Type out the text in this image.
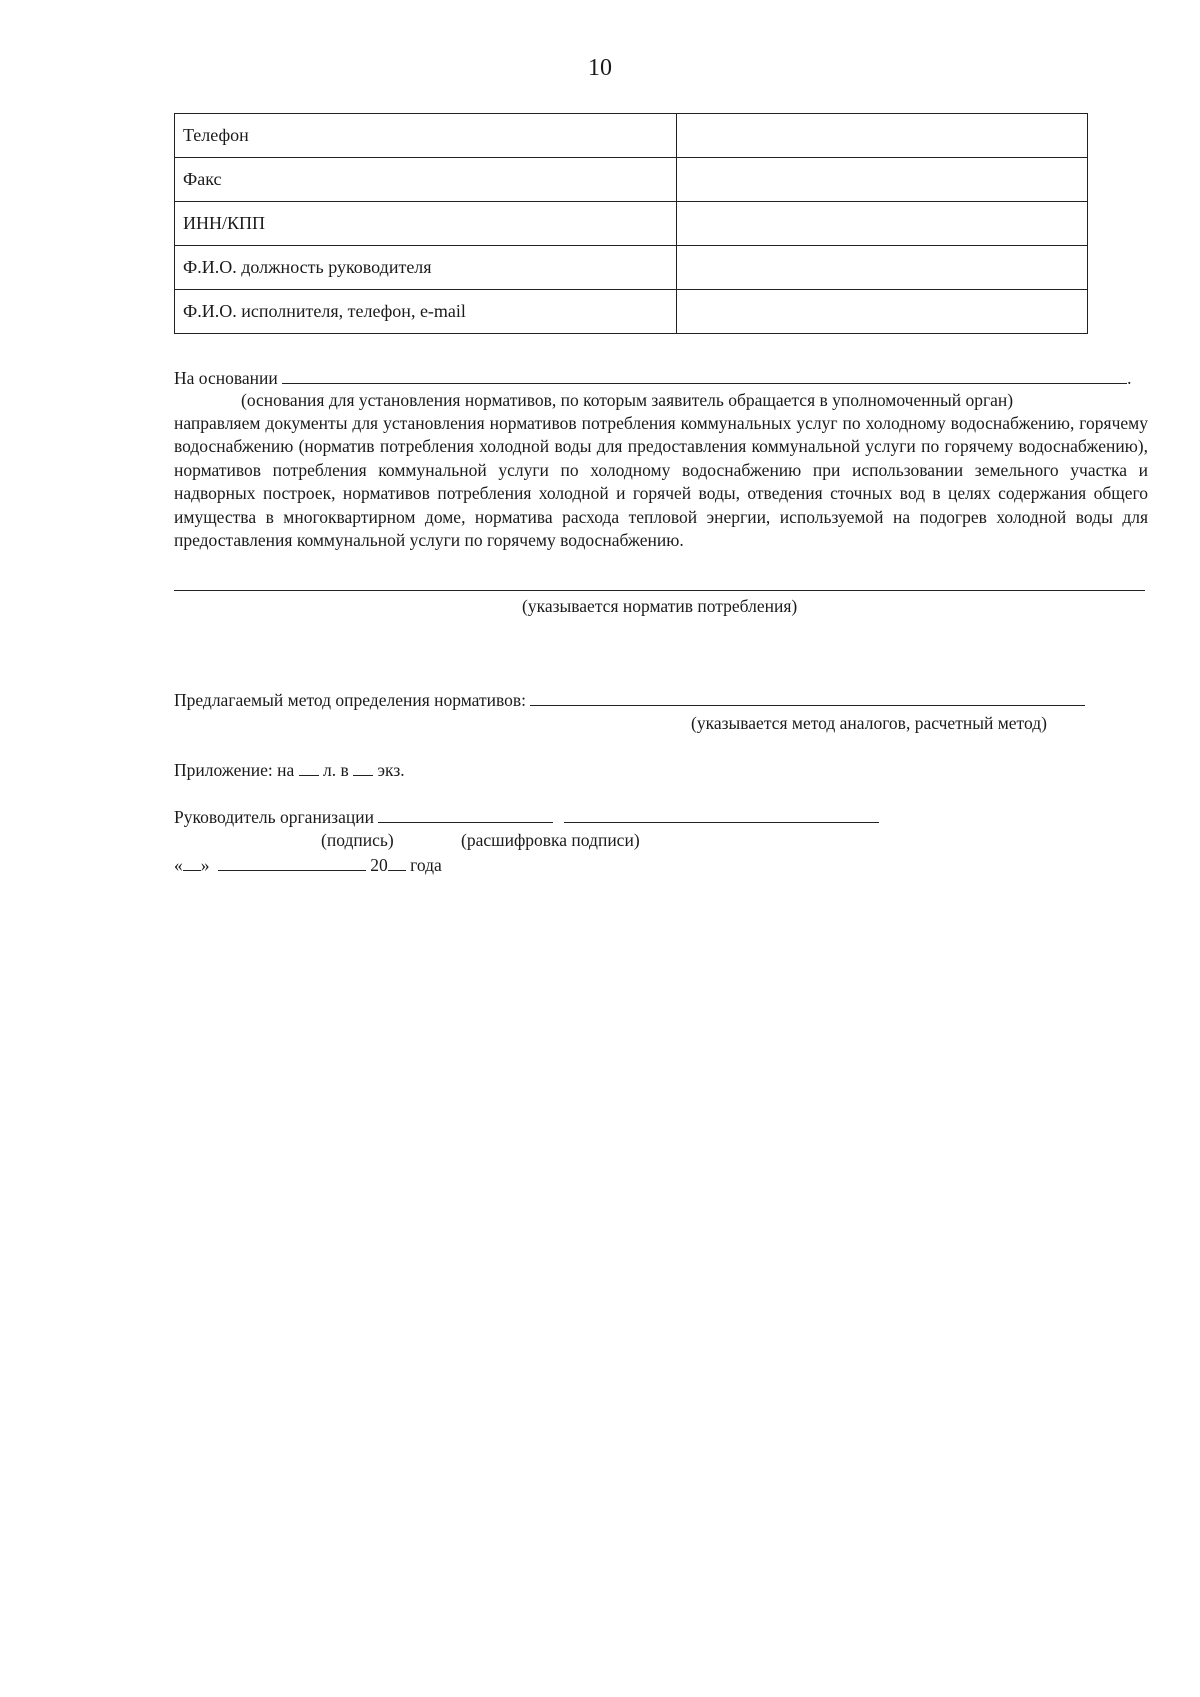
10
Телефон	
Факс	
ИНН/КПП	
Ф.И.О. должность руководителя	
Ф.И.О. исполнителя, телефон, e-mail	
На основании	.
(основания для установления нормативов, по которым заявитель обращается в уполномоченный орган)
направляем документы для установления нормативов потребления коммунальных услуг по холодному водоснабжению, горячему водоснабжению (норматив потребления холодной воды для предоставления коммунальной услуги по горячему водоснабжению), нормативов потребления коммунальной услуги по холодному водоснабжению при использовании земельного участка и надворных построек, нормативов потребления холодной и горячей воды, отведения сточных вод в целях содержания общего имущества в многоквартирном доме, норматива расхода тепловой энергии, используемой на подогрев холодной воды для предоставления коммунальной услуги по горячему водоснабжению.
(указывается норматив потребления)
Предлагаемый метод определения нормативов:
(указывается метод аналогов, расчетный метод)
Приложение: на л. в экз.
Руководитель организации
(подпись)	(расшифровка подписи)
« »	20 года
